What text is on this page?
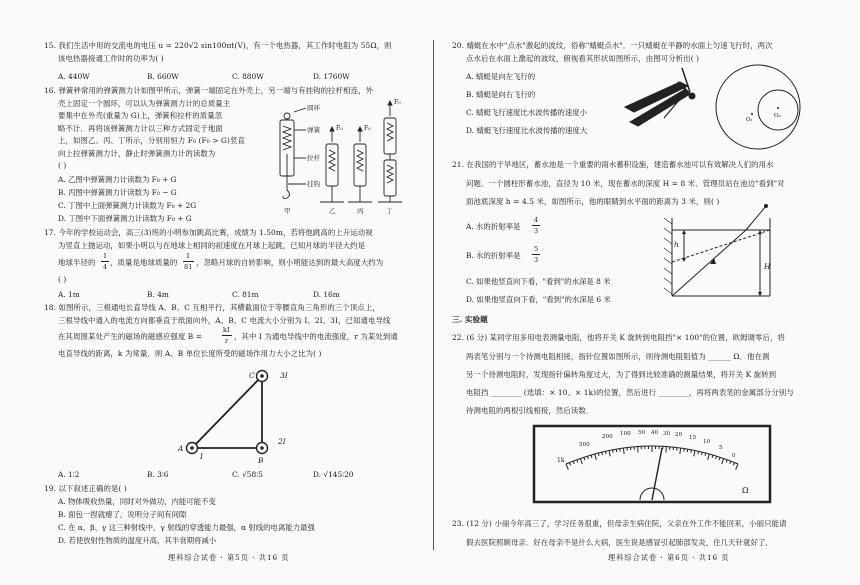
15. 我们生活中用的交流电的电压 u = 220√2 sin100πt(V)，有一个电热器，其工作时电阻为 55Ω，则
该电热器接通工作时的功率为( )
A. 440W	B. 660W	C. 880W	D. 1760W
16. 弹簧秤常用的弹簧测力计如图甲所示，弹簧一端固定在外壳上，另一端与有挂钩的拉杆相连，外
壳上固定一个圆环，可以认为弹簧测力计的总质量主
要集中在外壳(重量为 G)上，弹簧和拉杆的质量忽
略不计．再将该弹簧测力计以三种方式固定于地面
上，如图乙、丙、丁所示，分别用恒力 F₀ (F₀ > G)竖直
向上拉弹簧测力计，静止时弹簧测力计的读数为
( )
A. 乙图中弹簧测力计读数为 F₀ + G
B. 丙图中弹簧测力计读数为 F₀ − G
C. 丁图中上面弹簧测力计读数为 F₀ + 2G
D. 丁图中下面弹簧测力计读数为 F₀ + G
圆环
弹簧
拉杆
挂钩
甲	乙	丙	丁
F₀	F₀
F₀
17. 今年的学校运动会，高三(3)班的小明参加跳高比赛，成绩为 1.50m，若将他跳高的上升运动视
为竖直上抛运动，如果小明以与在地球上相同的初速度在月球上起跳，已知月球的半径大约是
地球半径的
1
4 ，质量是地球质量的
1
81 ，忽略月球的自转影响，则小明能达到的最大高度大约为
( )
A. 1m	B. 4m	C. 81m	D. 16m
18. 如图所示，三根通电长直导线 A、B、C 互相平行，其横截面位于等腰直角三角形的三个顶点上，
三根导线中通入的电流方向都垂直于纸面向外，A、B、C 电流大小分别为 I、2I、3I，已知通电导线
在其周围某处产生的磁场的磁感应强度 B =
kI
r ，其中 I 为通电导线中的电流强度，r 为某处到通
电直导线的距离，k 为常量．则 A、B 单位长度所受的磁场作用力大小之比为( )
C	3I
A
I	B
2I
A. 1∶2	B. 3∶6	C. √58∶5	D. √145∶20
19. 以下叙述正确的是( )
A. 物体吸收热量，同时对外做功，内能可能不变
B. 面包一捏就瘪了，说明分子间有间隙
C. 在 α、β、γ 这三种射线中，γ 射线的穿透能力最强，α 射线的电离能力最强
D. 若使放射性物质的温度升高，其半衰期将减小
理科综合试卷 · 第5页 · 共16 页
20. 蜻蜓在水中"点水"激起的波纹，俗称"蜻蜓点水"．一只蜻蜓在平静的水面上匀速飞行时，两次
点水后在水面上激起的波纹，俯视看其形状如图所示，由图可分析出( )
A. 蜻蜓是向左飞行的
B. 蜻蜓是向右飞行的
C. 蜻蜓飞行速度比水波传播的速度小
D. 蜻蜓飞行速度比水波传播的速度大
O₁
O₂
21. 在我国的干旱地区，蓄水池是一个重要的雨水蓄积设施，建造蓄水池可以有效解决人们的用水
问题．一个圆柱形蓄水池，直径为 10 米，现在蓄水的深度 H = 8 米．管理员站在池边"看到"对
面池底深度 h = 4.5 米，如图所示，他的眼睛到水平面的距离为 3 米，则( )
A. 水的折射率是
4
3
B. 水的折射率是
5
3
C. 如果他竖直向下看，"看到"的水深是 8 米
D. 如果他竖直向下看，"看到"的水深是 6 米
h
H
三. 实验题
22. (6 分) 某同学用多用电表测量电阻，他将开关 K 旋转到电阻挡"× 100"的位置，欧姆调零后，将
两表笔分别与一个待测电阻相接，指针位置如图所示，则待测电阻阻值为 ______ Ω．他在测
另一个待测电阻时，发现指针偏转角度过大，为了得到比较准确的测量结果，将开关 K 旋转到
电阻挡 ________ (选填：× 10、× 1k)的位置，然后进行 ________，再将两表笔的金属部分分别与
待测电阻的两根引线相接，然后读数．
1k
500
200 100 50 40 30 20 15
10
5
0
Ω
23. (12 分) 小丽今年高三了，学习任务很重，但母亲生病住院，父亲在外工作不能回来，小丽只能请
假去医院照顾母亲．好在母亲不是什么大病，医生说是感冒引起肺部发炎，住几天针就好了．
理科综合试卷 · 第6页 · 共16 页
